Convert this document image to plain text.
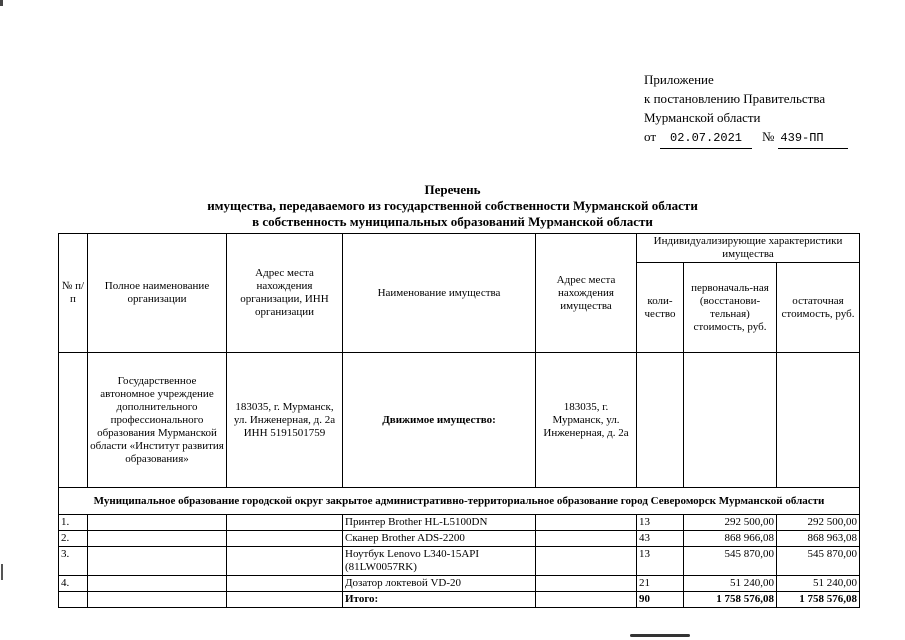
Приложение
к постановлению Правительства
Мурманской области
от	02.07.2021	№ 439-ПП
Перечень
имущества, передаваемого из государственной собственности Мурманской области
в собственность муниципальных образований Мурманской области
№ п/п	Полное наименование организации	Адрес места нахождения организации, ИНН организации	Наименование имущества	Адрес места нахождения имущества	Индивидуализирующие характеристики имущества		
					коли-чество	первоначаль-ная (восстанови-тельная) стоимость, руб.	остаточная стоимость, руб.
	Государственное автономное учреждение дополнительного профессионального образования Мурманской области «Институт развития образования»	183035, г. Мурманск, ул. Инженерная, д. 2а ИНН 5191501759	Движимое имущество:	183035, г. Мурманск, ул. Инженерная, д. 2а			
Муниципальное образование городской округ закрытое административно-территориальное образование город Североморск Мурманской области							
1.			Принтер Brother HL-L5100DN		13	292 500,00	292 500,00
2.			Сканер Brother ADS-2200		43	868 966,08	868 963,08
3.			Ноутбук Lenovo L340-15API (81LW0057RK)		13	545 870,00	545 870,00
4.			Дозатор локтевой VD-20		21	51 240,00	51 240,00
			Итого:		90	1 758 576,08	1 758 576,08
